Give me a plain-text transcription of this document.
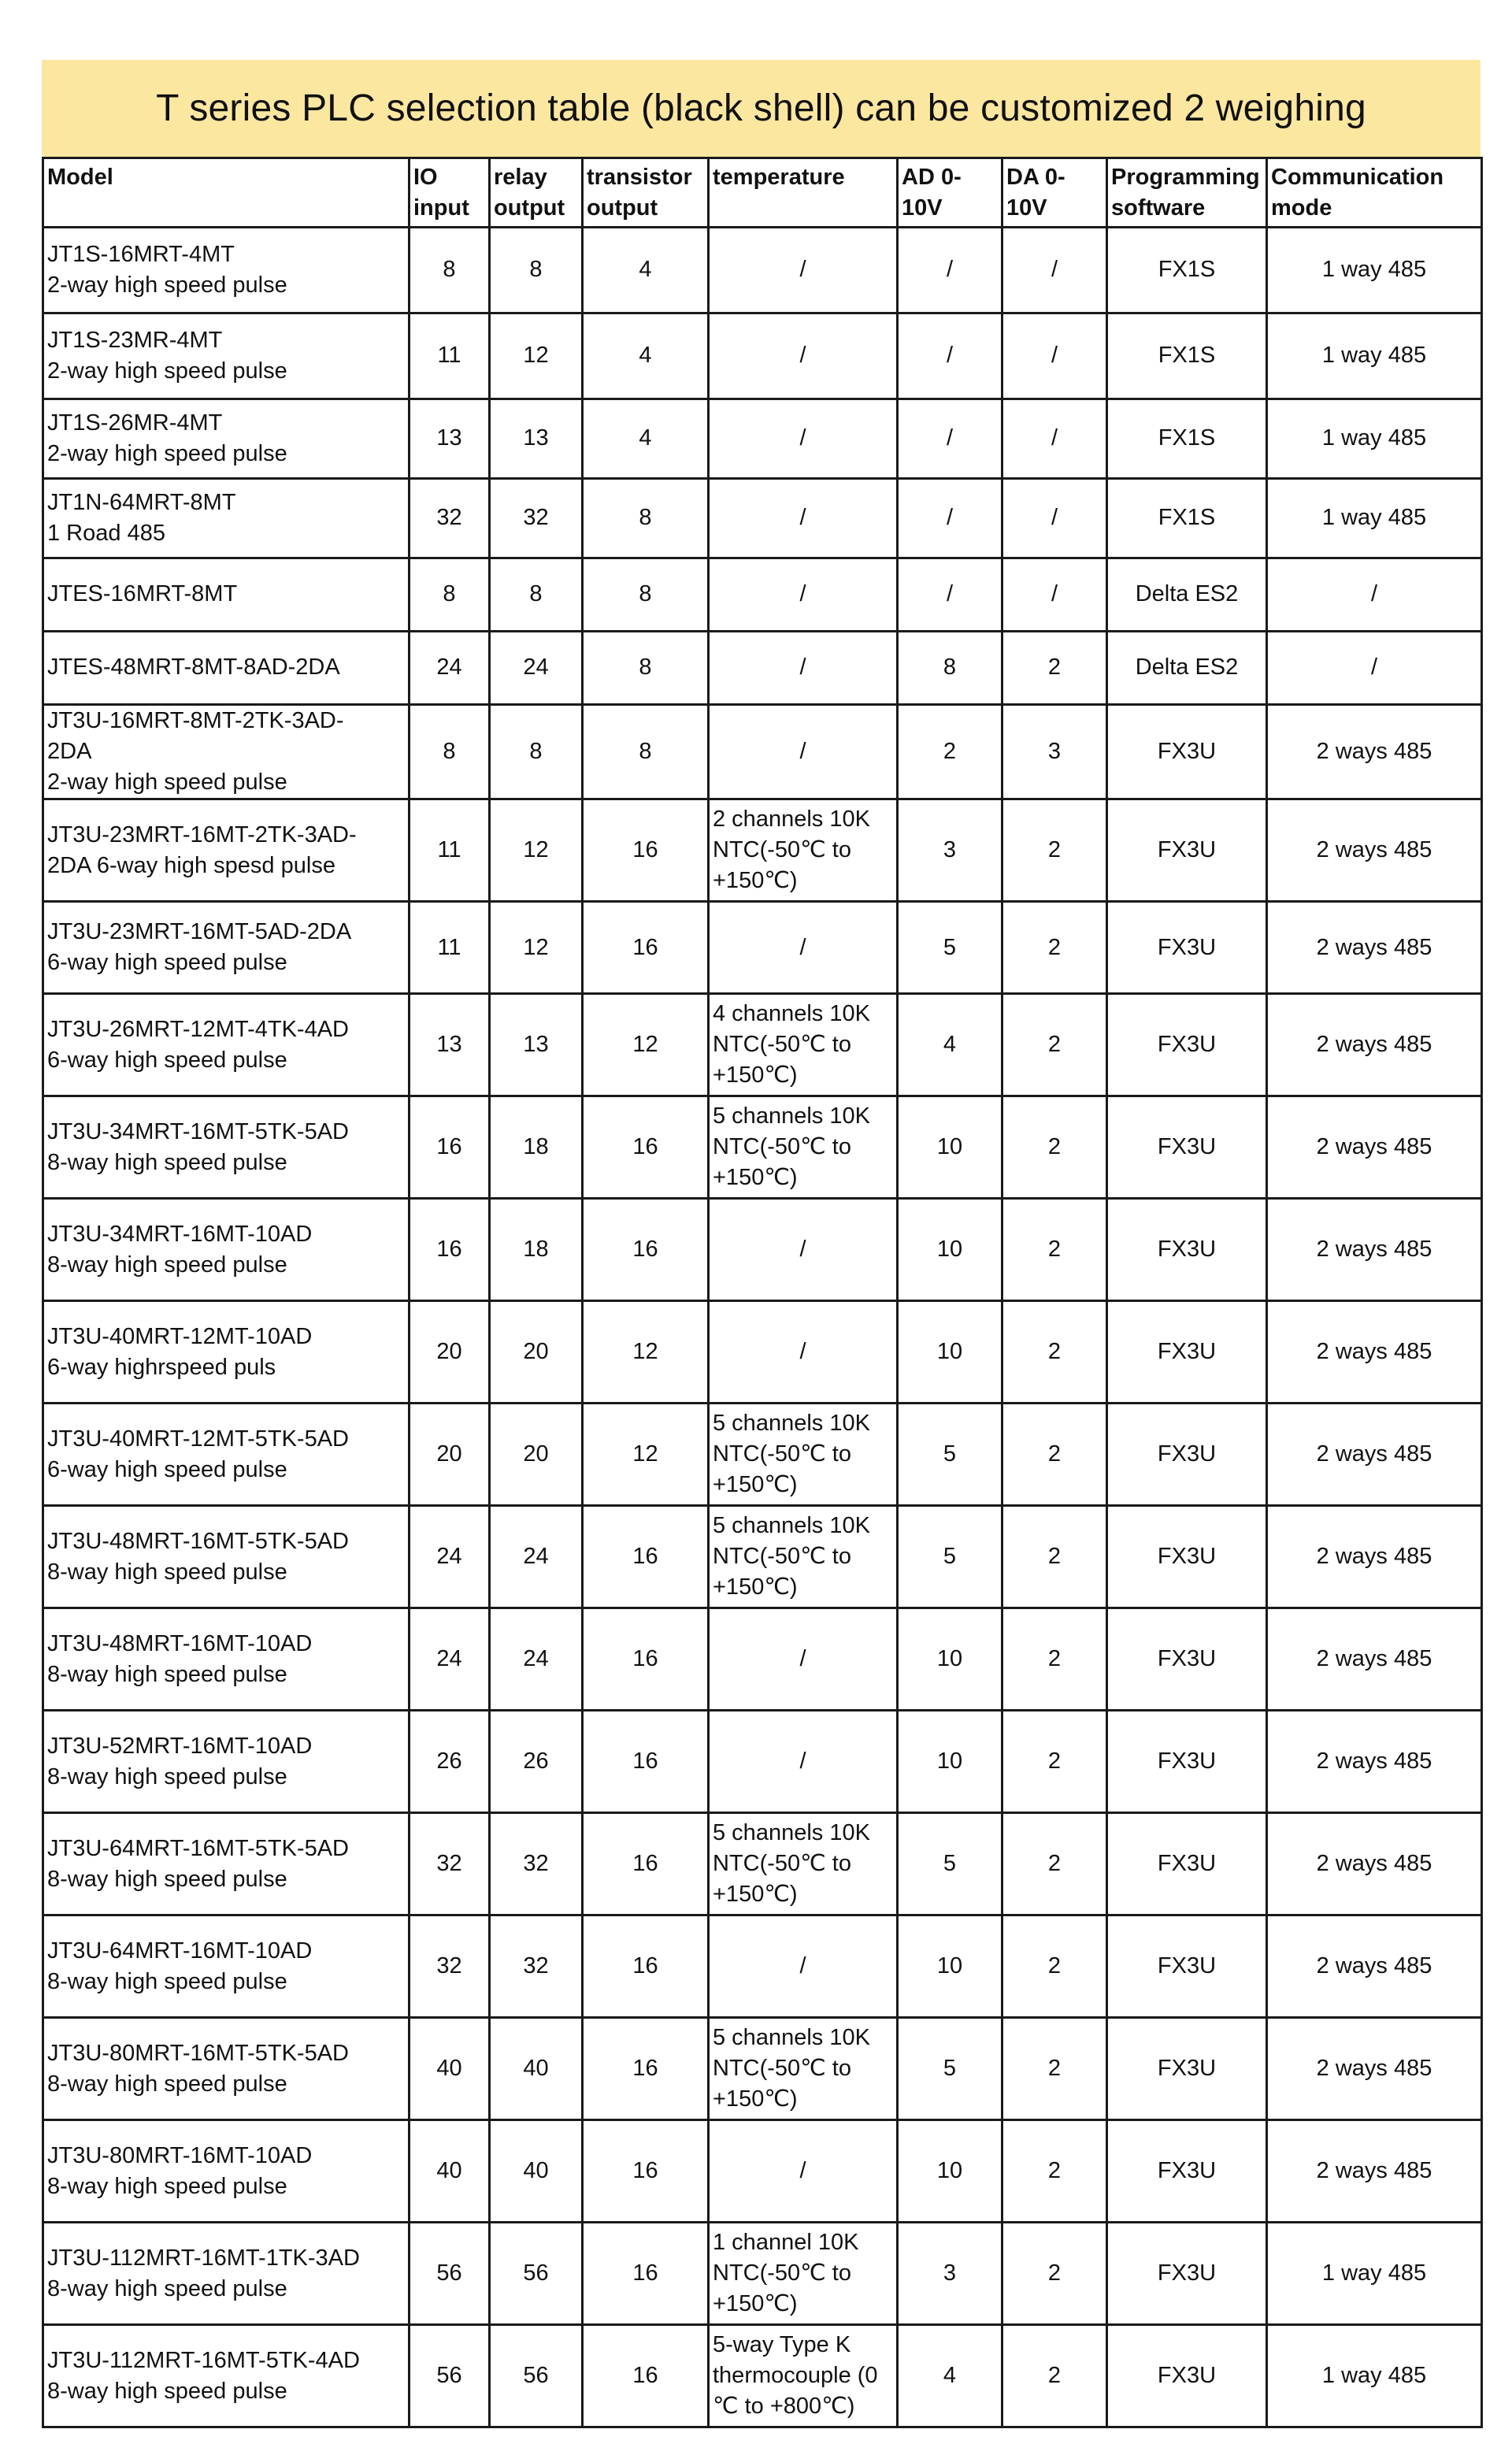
T series PLC selection table (black shell) can be customized 2 weighing
Model	IO input	relay output	transistor output	temperature	AD 0-10V	DA 0-10V	Programming software	Communication mode
JT1S-16MRT-4MT
2-way high speed pulse	8	8	4	/	/	/	FX1S	1 way 485
JT1S-23MR-4MT
2-way high speed pulse	11	12	4	/	/	/	FX1S	1 way 485
JT1S-26MR-4MT
2-way high speed pulse	13	13	4	/	/	/	FX1S	1 way 485
JT1N-64MRT-8MT
1 Road 485	32	32	8	/	/	/	FX1S	1 way 485
JTES-16MRT-8MT	8	8	8	/	/	/	Delta ES2	/
JTES-48MRT-8MT-8AD-2DA	24	24	8	/	8	2	Delta ES2	/
JT3U-16MRT-8MT-2TK-3AD-
2DA
2-way high speed pulse	8	8	8	/	2	3	FX3U	2 ways 485
JT3U-23MRT-16MT-2TK-3AD-
2DA 6-way high spesd pulse	11	12	16	2 channels 10K NTC(-50℃ to +150℃)	3	2	FX3U	2 ways 485
JT3U-23MRT-16MT-5AD-2DA
6-way high speed pulse	11	12	16	/	5	2	FX3U	2 ways 485
JT3U-26MRT-12MT-4TK-4AD
6-way high speed pulse	13	13	12	4 channels 10K NTC(-50℃ to +150℃)	4	2	FX3U	2 ways 485
JT3U-34MRT-16MT-5TK-5AD
8-way high speed pulse	16	18	16	5 channels 10K NTC(-50℃ to +150℃)	10	2	FX3U	2 ways 485
JT3U-34MRT-16MT-10AD
8-way high speed pulse	16	18	16	/	10	2	FX3U	2 ways 485
JT3U-40MRT-12MT-10AD
6-way highrspeed puls	20	20	12	/	10	2	FX3U	2 ways 485
JT3U-40MRT-12MT-5TK-5AD
6-way high speed pulse	20	20	12	5 channels 10K NTC(-50℃ to +150℃)	5	2	FX3U	2 ways 485
JT3U-48MRT-16MT-5TK-5AD
8-way high speed pulse	24	24	16	5 channels 10K NTC(-50℃ to +150℃)	5	2	FX3U	2 ways 485
JT3U-48MRT-16MT-10AD
8-way high speed pulse	24	24	16	/	10	2	FX3U	2 ways 485
JT3U-52MRT-16MT-10AD
8-way high speed pulse	26	26	16	/	10	2	FX3U	2 ways 485
JT3U-64MRT-16MT-5TK-5AD
8-way high speed pulse	32	32	16	5 channels 10K NTC(-50℃ to +150℃)	5	2	FX3U	2 ways 485
JT3U-64MRT-16MT-10AD
8-way high speed pulse	32	32	16	/	10	2	FX3U	2 ways 485
JT3U-80MRT-16MT-5TK-5AD
8-way high speed pulse	40	40	16	5 channels 10K NTC(-50℃ to +150℃)	5	2	FX3U	2 ways 485
JT3U-80MRT-16MT-10AD
8-way high speed pulse	40	40	16	/	10	2	FX3U	2 ways 485
JT3U-112MRT-16MT-1TK-3AD
8-way high speed pulse	56	56	16	1 channel 10K NTC(-50℃ to +150℃)	3	2	FX3U	1 way 485
JT3U-112MRT-16MT-5TK-4AD
8-way high speed pulse	56	56	16	5-way Type K thermocouple (0 ℃ to +800℃)	4	2	FX3U	1 way 485
